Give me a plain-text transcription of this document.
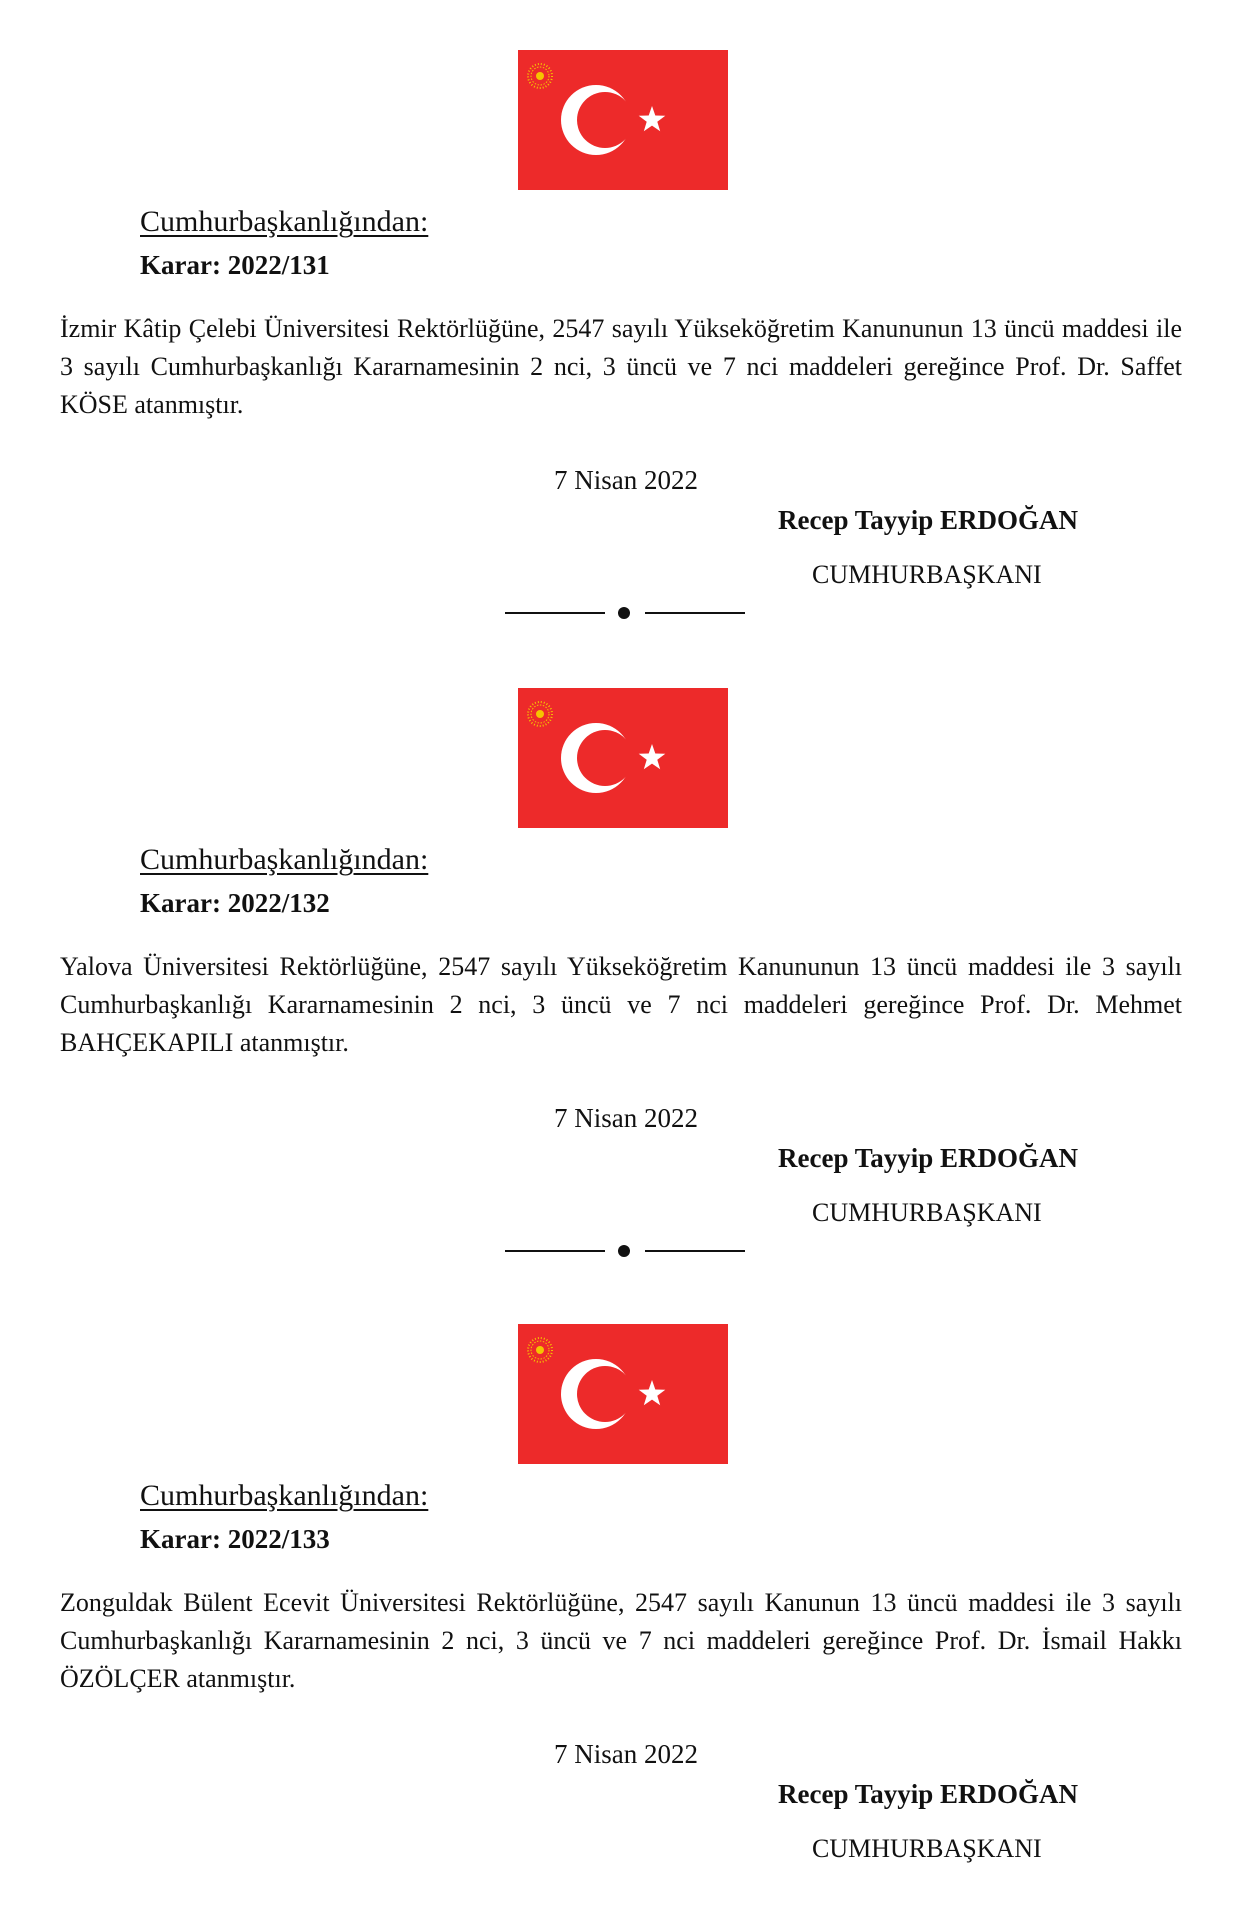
Cumhurbaşkanlığından:
Karar: 2022/131
İzmir Kâtip Çelebi Üniversitesi Rektörlüğüne, 2547 sayılı Yükseköğretim Kanununun 13 üncü maddesi ile 3 sayılı Cumhurbaşkanlığı Kararnamesinin 2 nci, 3 üncü ve 7 nci maddeleri gereğince Prof. Dr. Saffet KÖSE atanmıştır.
7 Nisan 2022
Recep Tayyip ERDOĞAN
CUMHURBAŞKANI
Cumhurbaşkanlığından:
Karar: 2022/132
Yalova Üniversitesi Rektörlüğüne, 2547 sayılı Yükseköğretim Kanununun 13 üncü maddesi ile 3 sayılı Cumhurbaşkanlığı Kararnamesinin 2 nci, 3 üncü ve 7 nci maddeleri gereğince Prof. Dr. Mehmet BAHÇEKAPILI atanmıştır.
7 Nisan 2022
Recep Tayyip ERDOĞAN
CUMHURBAŞKANI
Cumhurbaşkanlığından:
Karar: 2022/133
Zonguldak Bülent Ecevit Üniversitesi Rektörlüğüne, 2547 sayılı Kanunun 13 üncü maddesi ile 3 sayılı Cumhurbaşkanlığı Kararnamesinin 2 nci, 3 üncü ve 7 nci maddeleri gereğince Prof. Dr. İsmail Hakkı ÖZÖLÇER atanmıştır.
7 Nisan 2022
Recep Tayyip ERDOĞAN
CUMHURBAŞKANI
